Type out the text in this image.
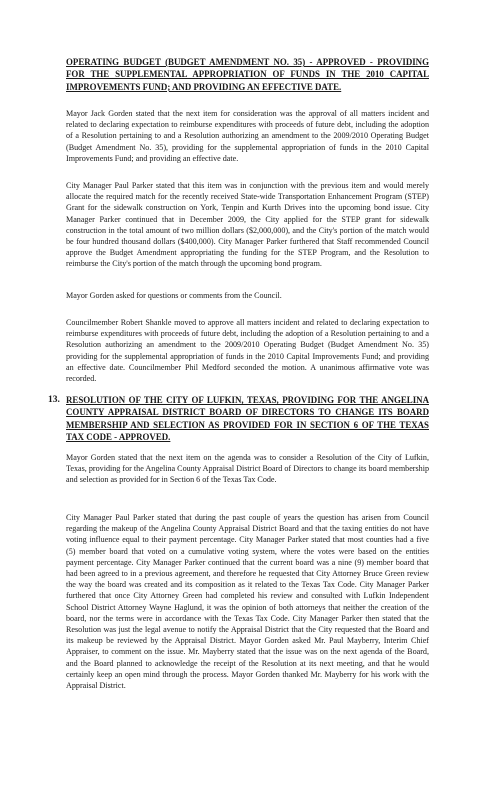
OPERATING BUDGET (BUDGET AMENDMENT NO. 35) - APPROVED - PROVIDING FOR THE SUPPLEMENTAL APPROPRIATION OF FUNDS IN THE 2010 CAPITAL IMPROVEMENTS FUND; AND PROVIDING AN EFFECTIVE DATE.
Mayor Jack Gorden stated that the next item for consideration was the approval of all matters incident and related to declaring expectation to reimburse expenditures with proceeds of future debt, including the adoption of a Resolution pertaining to and a Resolution authorizing an amendment to the 2009/2010 Operating Budget (Budget Amendment No. 35), providing for the supplemental appropriation of funds in the 2010 Capital Improvements Fund; and providing an effective date.
City Manager Paul Parker stated that this item was in conjunction with the previous item and would merely allocate the required match for the recently received State-wide Transportation Enhancement Program (STEP) Grant for the sidewalk construction on York, Tenpin and Kurth Drives into the upcoming bond issue. City Manager Parker continued that in December 2009, the City applied for the STEP grant for sidewalk construction in the total amount of two million dollars ($2,000,000), and the City's portion of the match would be four hundred thousand dollars ($400,000). City Manager Parker furthered that Staff recommended Council approve the Budget Amendment appropriating the funding for the STEP Program, and the Resolution to reimburse the City's portion of the match through the upcoming bond program.
Mayor Gorden asked for questions or comments from the Council.
Councilmember Robert Shankle moved to approve all matters incident and related to declaring expectation to reimburse expenditures with proceeds of future debt, including the adoption of a Resolution pertaining to and a Resolution authorizing an amendment to the 2009/2010 Operating Budget (Budget Amendment No. 35) providing for the supplemental appropriation of funds in the 2010 Capital Improvements Fund; and providing an effective date. Councilmember Phil Medford seconded the motion. A unanimous affirmative vote was recorded.
13. RESOLUTION OF THE CITY OF LUFKIN, TEXAS, PROVIDING FOR THE ANGELINA COUNTY APPRAISAL DISTRICT BOARD OF DIRECTORS TO CHANGE ITS BOARD MEMBERSHIP AND SELECTION AS PROVIDED FOR IN SECTION 6 OF THE TEXAS TAX CODE - APPROVED.
Mayor Gorden stated that the next item on the agenda was to consider a Resolution of the City of Lufkin, Texas, providing for the Angelina County Appraisal District Board of Directors to change its board membership and selection as provided for in Section 6 of the Texas Tax Code.
City Manager Paul Parker stated that during the past couple of years the question has arisen from Council regarding the makeup of the Angelina County Appraisal District Board and that the taxing entities do not have voting influence equal to their payment percentage. City Manager Parker stated that most counties had a five (5) member board that voted on a cumulative voting system, where the votes were based on the entities payment percentage. City Manager Parker continued that the current board was a nine (9) member board that had been agreed to in a previous agreement, and therefore he requested that City Attorney Bruce Green review the way the board was created and its composition as it related to the Texas Tax Code. City Manager Parker furthered that once City Attorney Green had completed his review and consulted with Lufkin Independent School District Attorney Wayne Haglund, it was the opinion of both attorneys that neither the creation of the board, nor the terms were in accordance with the Texas Tax Code. City Manager Parker then stated that the Resolution was just the legal avenue to notify the Appraisal District that the City requested that the Board and its makeup be reviewed by the Appraisal District. Mayor Gorden asked Mr. Paul Mayberry, Interim Chief Appraiser, to comment on the issue. Mr. Mayberry stated that the issue was on the next agenda of the Board, and the Board planned to acknowledge the receipt of the Resolution at its next meeting, and that he would certainly keep an open mind through the process. Mayor Gorden thanked Mr. Mayberry for his work with the Appraisal District.
